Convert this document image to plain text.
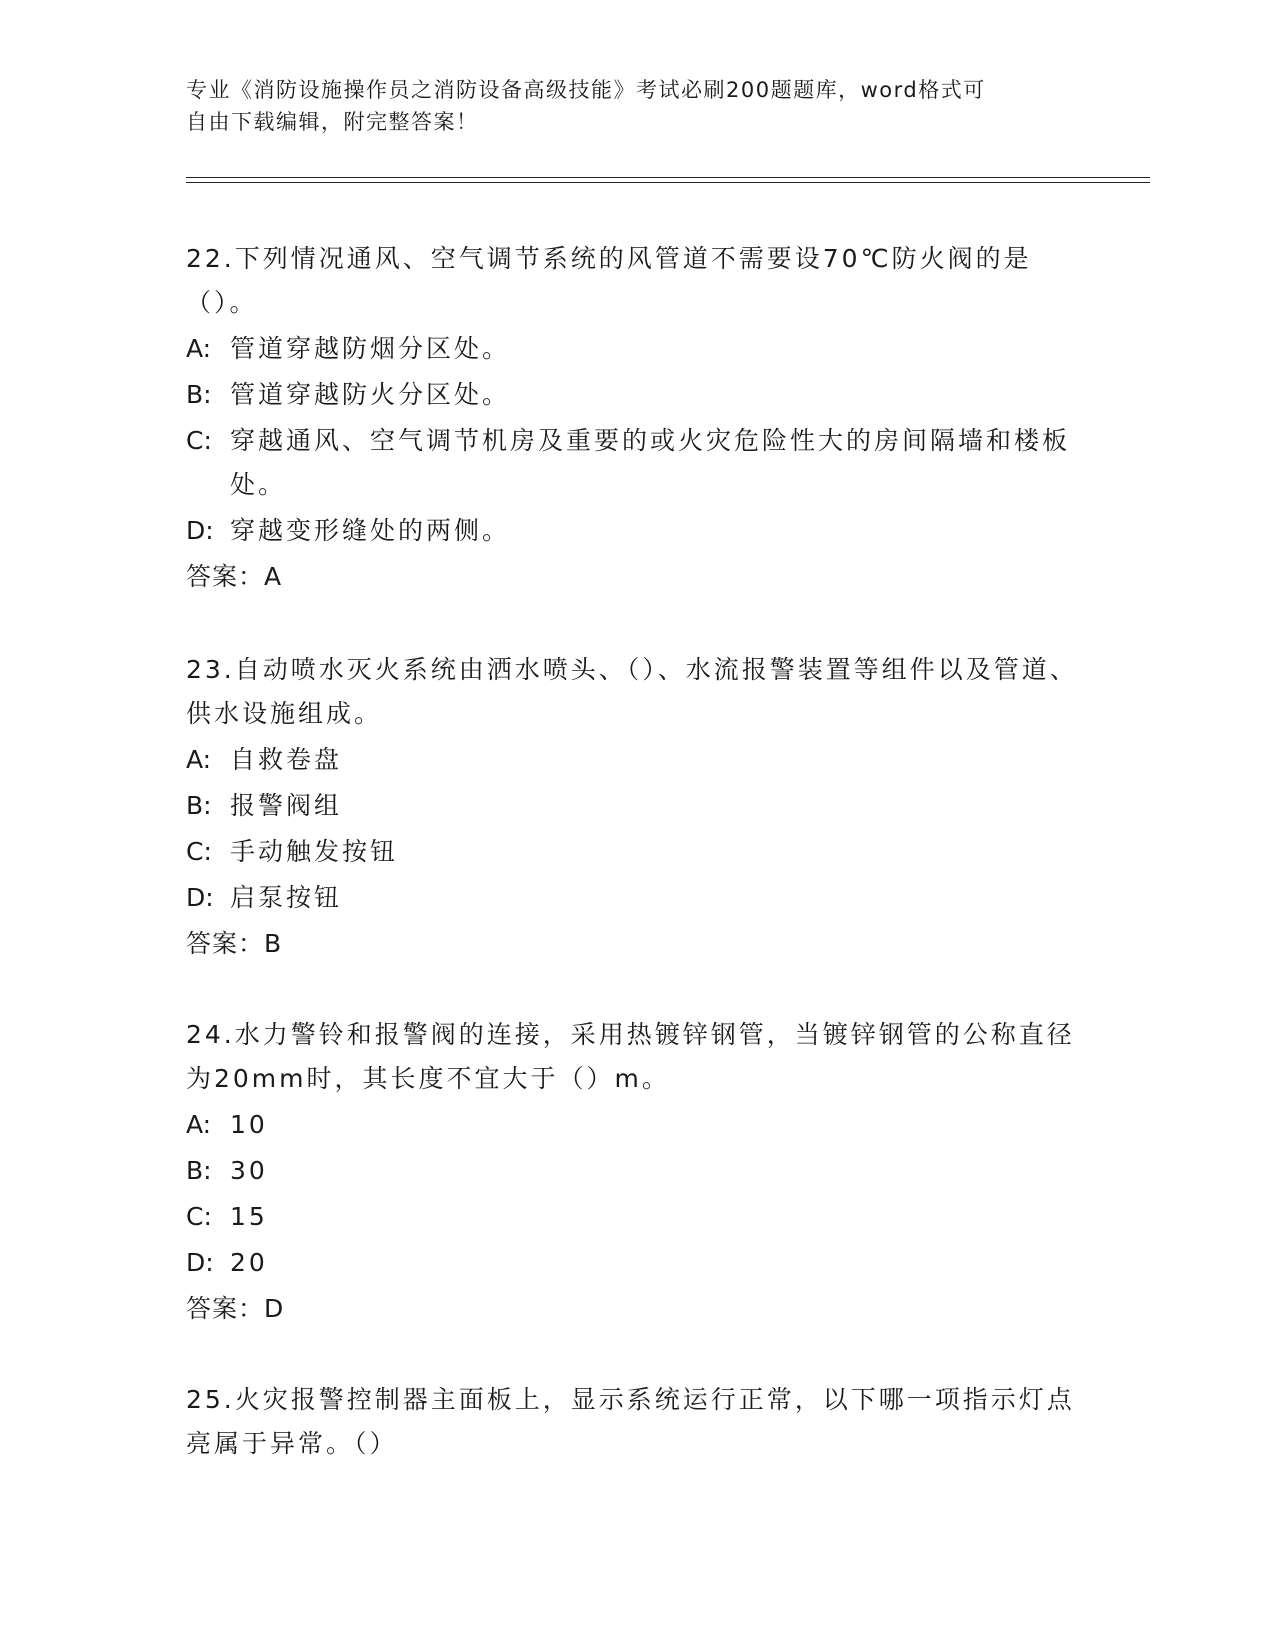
专业《消防设施操作员之消防设备高级技能》考试必刷200题题库，word格式可
自由下载编辑，附完整答案！

22.下列情况通风、空气调节系统的风管道不需要设70℃防火阀的是（）。

A: 管道穿越防烟分区处。
B: 管道穿越防火分区处。
C: 穿越通风、空气调节机房及重要的或火灾危险性大的房间隔墙和楼板处。
D: 穿越变形缝处的两侧。
答案：A

23.自动喷水灭火系统由洒水喷头、（）、水流报警装置等组件以及管道、供水设施组成。

A: 自救卷盘
B: 报警阀组
C: 手动触发按钮
D: 启泵按钮
答案：B

24.水力警铃和报警阀的连接，采用热镀锌钢管，当镀锌钢管的公称直径为20mm时，其长度不宜大于（）m。

A: 10
B: 30
C: 15
D: 20
答案：D

25.火灾报警控制器主面板上，显示系统运行正常，以下哪一项指示灯点亮属于异常。（）
